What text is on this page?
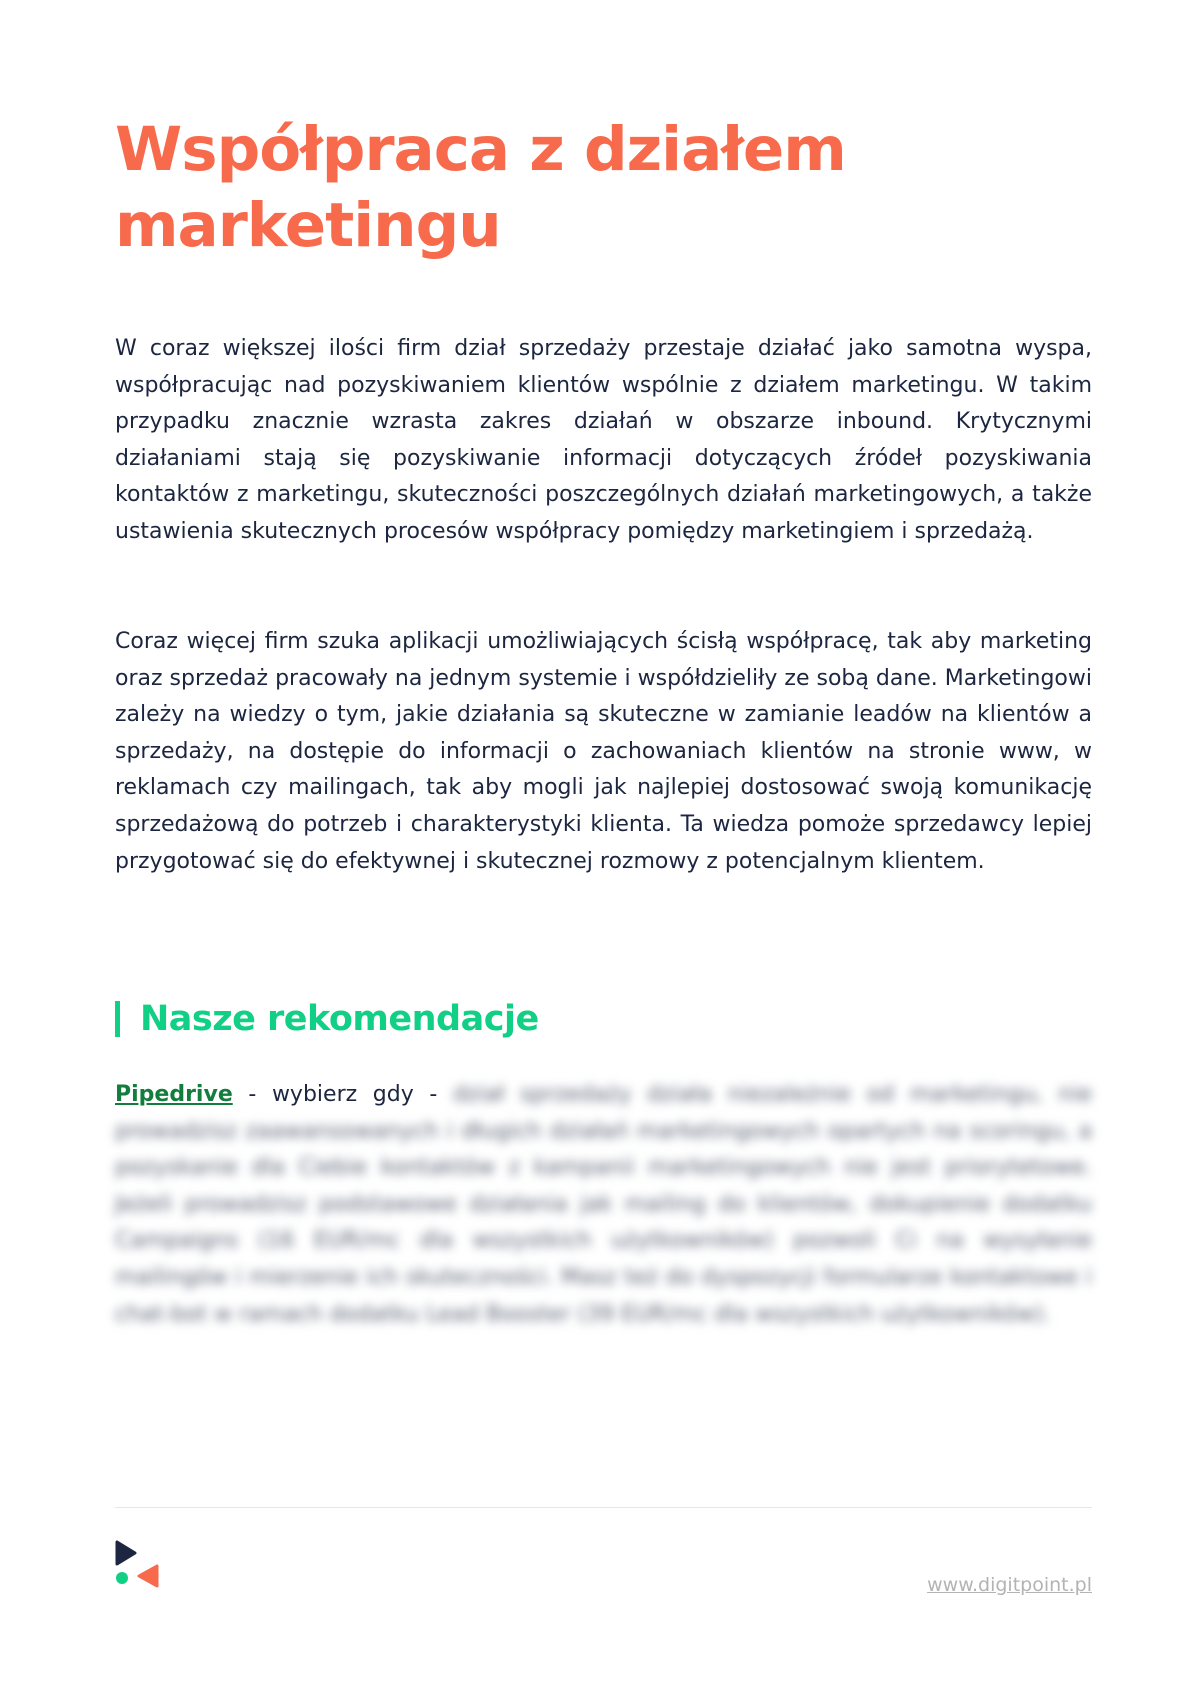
Współpraca z działem marketingu

W coraz większej ilości firm dział sprzedaży przestaje działać jako samotna wyspa, współpracując nad pozyskiwaniem klientów wspólnie z działem marketingu. W takim przypadku znacznie wzrasta zakres działań w obszarze inbound. Krytycznymi działaniami stają się pozyskiwanie informacji dotyczących źródeł pozyskiwania kontaktów z marketingu, skuteczności poszczególnych działań marketingowych, a także ustawienia skutecznych procesów współpracy pomiędzy marketingiem i sprzedażą.

Coraz więcej firm szuka aplikacji umożliwiających ścisłą współpracę, tak aby marketing oraz sprzedaż pracowały na jednym systemie i współdzieliły ze sobą dane. Marketingowi zależy na wiedzy o tym, jakie działania są skuteczne w zamianie leadów na klientów a sprzedaży, na dostępie do informacji o zachowaniach klientów na stronie www, w reklamach czy mailingach, tak aby mogli jak najlepiej dostosować swoją komunikację sprzedażową do potrzeb i charakterystyki klienta. Ta wiedza pomoże sprzedawcy lepiej przygotować się do efektywnej i skutecznej rozmowy z potencjalnym klientem.

Nasze rekomendacje

Pipedrive - wybierz gdy - dział sprzedaży działa niezależnie od marketingu, nie prowadzisz zaawansowanych i długich działań marketingowych opartych na scoringu, a pozyskanie dla Ciebie kontaktów z kampanii marketingowych nie jest priorytetowe. Jeżeli prowadzisz podstawowe działania jak mailing do klientów, dokupienie dodatku Campaigns (16 EUR/mc dla wszystkich użytkowników) pozwoli Ci na wysyłanie mailingów i mierzenie ich skuteczności. Masz też do dyspozycji formularze kontaktowe i chat-bot w ramach dodatku Lead Booster (39 EUR/mc dla wszystkich użytkowników).

www.digitpoint.pl
